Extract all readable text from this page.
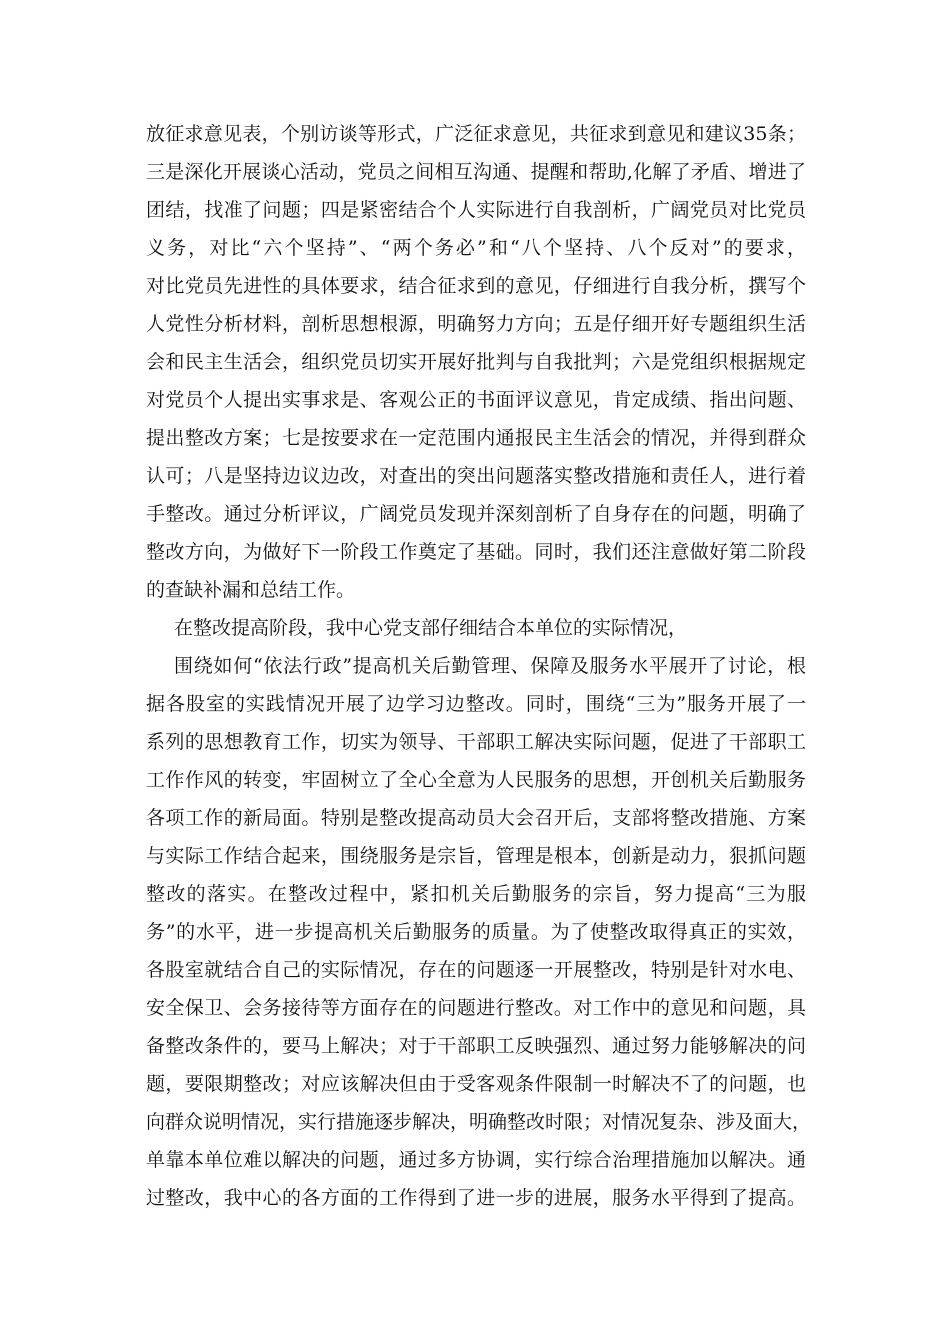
放征求意见表，个别访谈等形式，广泛征求意见，共征求到意见和建议35条；
三是深化开展谈心活动，党员之间相互沟通、提醒和帮助,化解了矛盾、增进了
团结，找准了问题；四是紧密结合个人实际进行自我剖析，广阔党员对比党员
义务，对比“六个坚持”、“两个务必”和“八个坚持、八个反对”的要求，
对比党员先进性的具体要求，结合征求到的意见，仔细进行自我分析，撰写个
人党性分析材料，剖析思想根源，明确努力方向；五是仔细开好专题组织生活
会和民主生活会，组织党员切实开展好批判与自我批判；六是党组织根据规定
对党员个人提出实事求是、客观公正的书面评议意见，肯定成绩、指出问题、
提出整改方案；七是按要求在一定范围内通报民主生活会的情况，并得到群众
认可；八是坚持边议边改，对查出的突出问题落实整改措施和责任人，进行着
手整改。通过分析评议，广阔党员发现并深刻剖析了自身存在的问题，明确了
整改方向，为做好下一阶段工作奠定了基础。同时，我们还注意做好第二阶段
的查缺补漏和总结工作。
在整改提高阶段，我中心党支部仔细结合本单位的实际情况，
围绕如何“依法行政”提高机关后勤管理、保障及服务水平展开了讨论，根
据各股室的实践情况开展了边学习边整改。同时，围绕“三为”服务开展了一
系列的思想教育工作，切实为领导、干部职工解决实际问题，促进了干部职工
工作作风的转变，牢固树立了全心全意为人民服务的思想，开创机关后勤服务
各项工作的新局面。特别是整改提高动员大会召开后，支部将整改措施、方案
与实际工作结合起来，围绕服务是宗旨，管理是根本，创新是动力，狠抓问题
整改的落实。在整改过程中，紧扣机关后勤服务的宗旨，努力提高“三为服
务”的水平，进一步提高机关后勤服务的质量。为了使整改取得真正的实效，
各股室就结合自己的实际情况，存在的问题逐一开展整改，特别是针对水电、
安全保卫、会务接待等方面存在的问题进行整改。对工作中的意见和问题，具
备整改条件的，要马上解决；对于干部职工反映强烈、通过努力能够解决的问
题，要限期整改；对应该解决但由于受客观条件限制一时解决不了的问题，也
向群众说明情况，实行措施逐步解决，明确整改时限；对情况复杂、涉及面大，
单靠本单位难以解决的问题，通过多方协调，实行综合治理措施加以解决。通
过整改，我中心的各方面的工作得到了进一步的进展，服务水平得到了提高。
